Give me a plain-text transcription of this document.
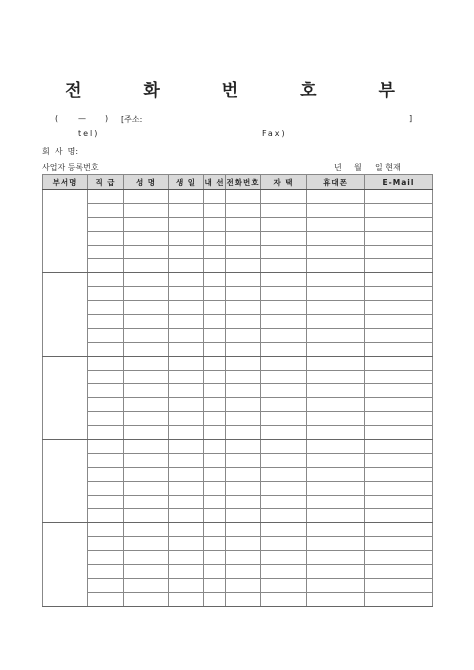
전 화 번 호 부
( — ) [주소:	]
tel)	Fax)
회  사  명:
사업자 등록번호	년 월 일 현재
부서명	직 급	성 명	생 일	내 선	전화번호	자 택	휴대폰	E-Mail
